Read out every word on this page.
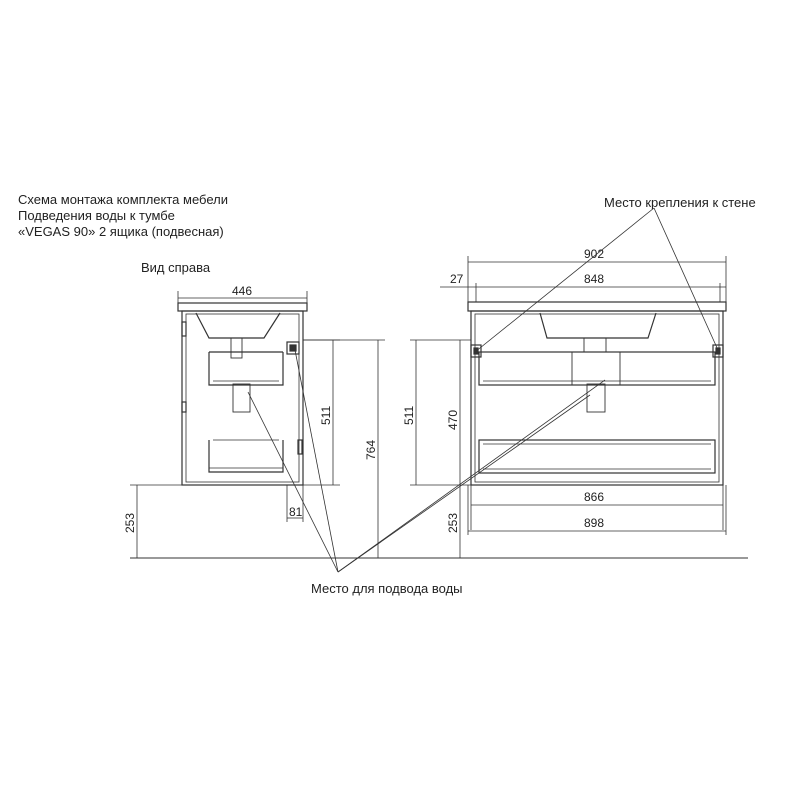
Схема монтажа комплекта мебели
Подведения воды к тумбе
«VEGAS 90» 2 ящика (подвесная)
Вид справа
Место крепления к стене
Место для подвода воды
446
511
764
81
253
511	470
253
902
27	848
866
898
